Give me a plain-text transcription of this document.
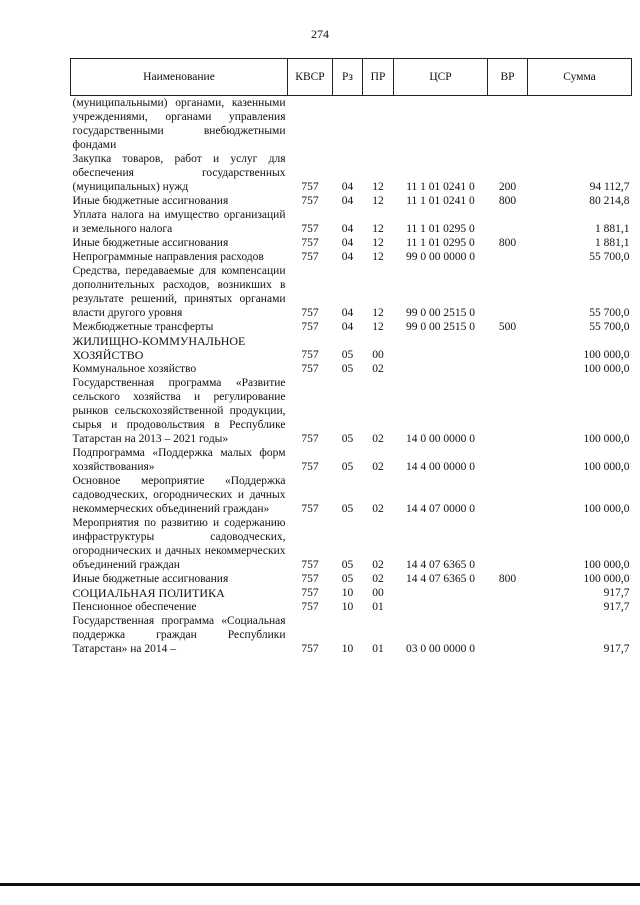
274
Наименование	КВСР	Рз	ПР	ЦСР	ВР	Сумма
(муниципальными) органами, казенными учреждениями, органами управления государственными внебюджетными фондами						
Закупка товаров, работ и услуг для обеспечения государственных (муниципальных) нужд	757	04	12	11 1 01 0241 0	200	94 112,7
Иные бюджетные ассигнования	757	04	12	11 1 01 0241 0	800	80 214,8
Уплата налога на имущество организаций и земельного налога	757	04	12	11 1 01 0295 0		1 881,1
Иные бюджетные ассигнования	757	04	12	11 1 01 0295 0	800	1 881,1
Непрограммные направления расходов	757	04	12	99 0 00 0000 0		55 700,0
Средства, передаваемые для компенсации дополнительных расходов, возникших в результате решений, принятых органами власти другого уровня	757	04	12	99 0 00 2515 0		55 700,0
Межбюджетные трансферты	757	04	12	99 0 00 2515 0	500	55 700,0
ЖИЛИЩНО-КОММУНАЛЬНОЕ ХОЗЯЙСТВО	757	05	00			100 000,0
Коммунальное хозяйство	757	05	02			100 000,0
Государственная программа «Развитие сельского хозяйства и регулирование рынков сельскохозяйственной продукции, сырья и продовольствия в Республике Татарстан на 2013 – 2021 годы»	757	05	02	14 0 00 0000 0		100 000,0
Подпрограмма «Поддержка малых форм хозяйствования»	757	05	02	14 4 00 0000 0		100 000,0
Основное мероприятие «Поддержка садоводческих, огороднических и дачных некоммерческих объединений граждан»	757	05	02	14 4 07 0000 0		100 000,0
Мероприятия по развитию и содержанию инфраструктуры садоводческих, огороднических и дачных некоммерческих объединений граждан	757	05	02	14 4 07 6365 0		100 000,0
Иные бюджетные ассигнования	757	05	02	14 4 07 6365 0	800	100 000,0
СОЦИАЛЬНАЯ ПОЛИТИКА	757	10	00			917,7
Пенсионное обеспечение	757	10	01			917,7
Государственная программа «Социальная поддержка граждан Республики Татарстан» на 2014 –	757	10	01	03 0 00 0000 0		917,7
